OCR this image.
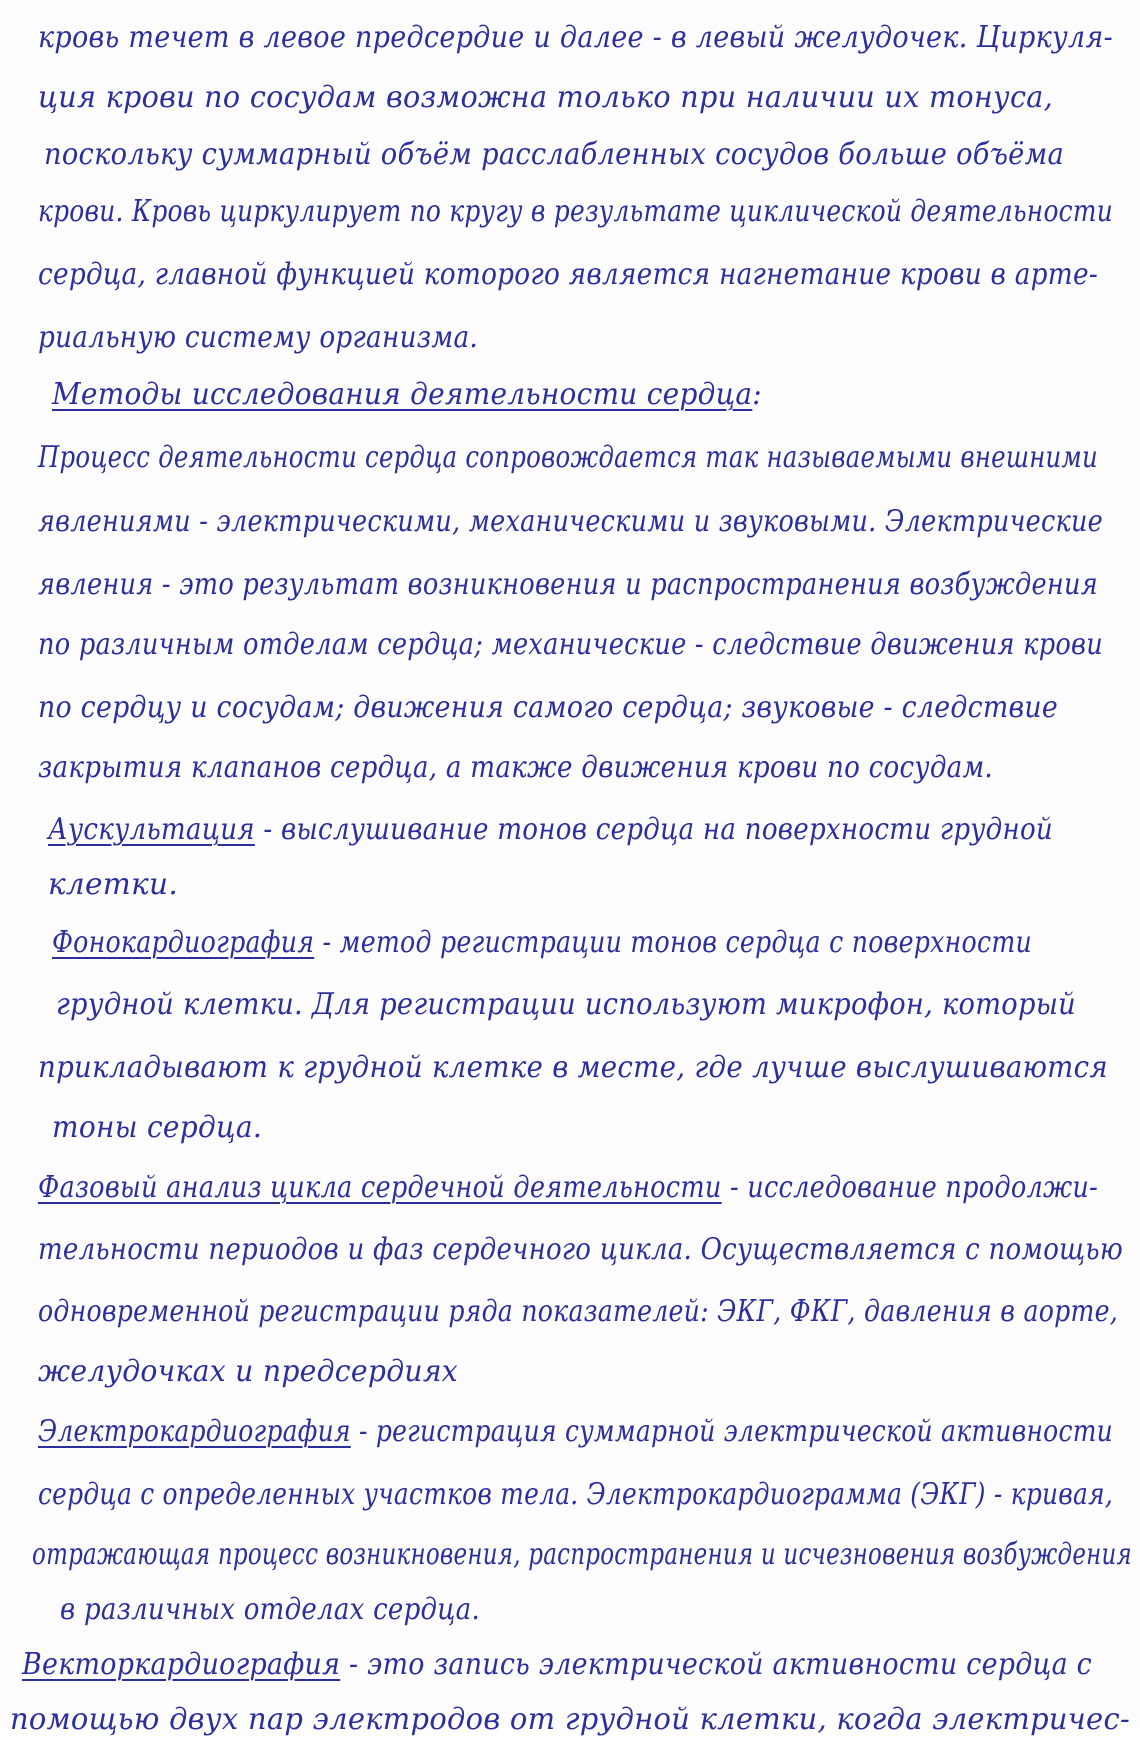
кровь течет в левое предсердие и далее - в левый желудочек. Циркуля-
ция крови по сосудам возможна только при наличии их тонуса,
поскольку суммарный объём расслабленных сосудов больше объёма
крови. Кровь циркулирует по кругу в результате циклической деятельности
сердца, главной функцией которого является нагнетание крови в арте-
риальную систему организма.
Методы исследования деятельности сердца:
Процесс деятельности сердца сопровождается так называемыми внешними
явлениями - электрическими, механическими и звуковыми. Электрические
явления - это результат возникновения и распространения возбуждения
по различным отделам сердца; механические - следствие движения крови
по сердцу и сосудам; движения самого сердца; звуковые - следствие
закрытия клапанов сердца, а также движения крови по сосудам.
Аускультация - выслушивание тонов сердца на поверхности грудной
клетки.
Фонокардиография - метод регистрации тонов сердца с поверхности
грудной клетки. Для регистрации используют микрофон, который
прикладывают к грудной клетке в месте, где лучше выслушиваются
тоны сердца.
Фазовый анализ цикла сердечной деятельности - исследование продолжи-
тельности периодов и фаз сердечного цикла. Осуществляется с помощью
одновременной регистрации ряда показателей: ЭКГ, ФКГ, давления в аорте,
желудочках и предсердиях
Электрокардиография - регистрация суммарной электрической активности
сердца с определенных участков тела. Электрокардиограмма (ЭКГ) - кривая,
отражающая процесс возникновения, распространения и исчезновения возбуждения
в различных отделах сердца.
Векторкардиография - это запись электрической активности сердца с
помощью двух пар электродов от грудной клетки, когда электричес-
